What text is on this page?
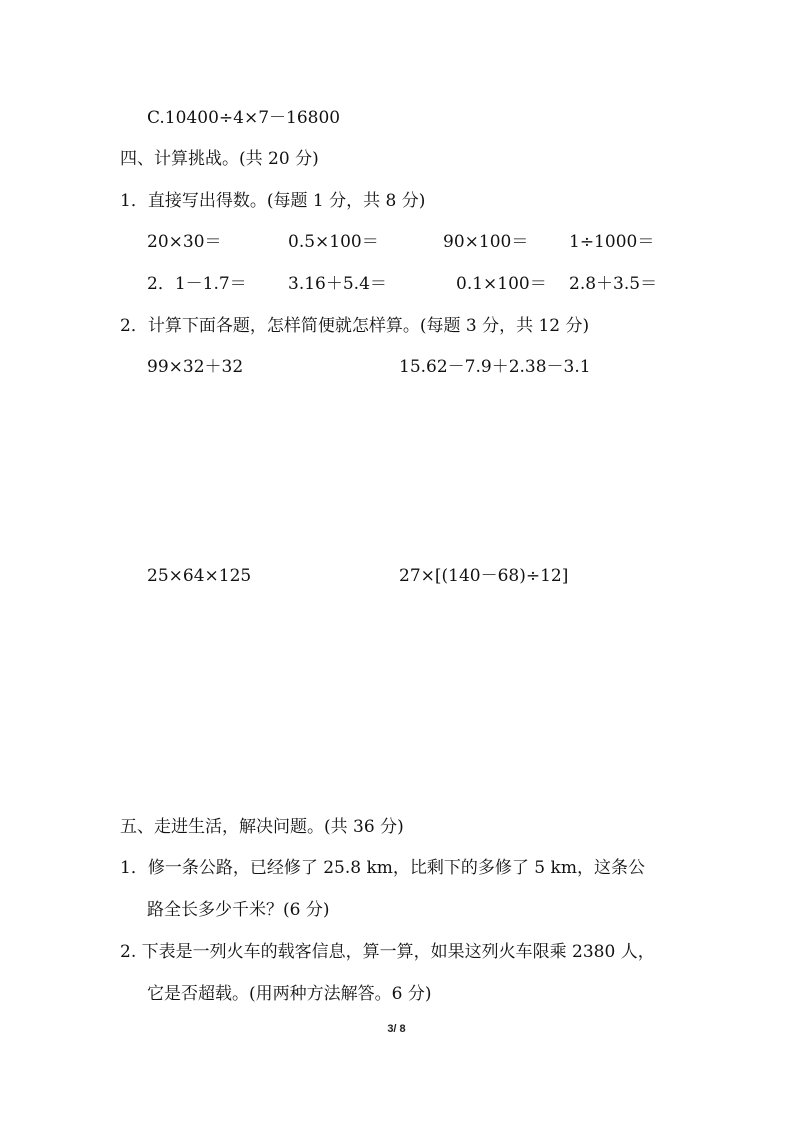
C.10400÷4×7－16800
四、计算挑战。(共 20 分)
1．直接写出得数。(每题 1 分，共 8 分)
20×30＝	0.5×100＝	90×100＝ 1÷1000＝
2．1－1.7＝ 3.16＋5.4＝	0.1×100＝ 2.8＋3.5＝
2．计算下面各题，怎样简便就怎样算。(每题 3 分，共 12 分)
99×32＋32	15.62－7.9＋2.38－3.1
25×64×125	27×[(140－68)÷12]
五、走进生活，解决问题。(共 36 分)
1．修一条公路，已经修了 25.8 km，比剩下的多修了 5 km，这条公
路全长多少千米？(6 分)
2. 下表是一列火车的载客信息，算一算，如果这列火车限乘 2380 人，
它是否超载。(用两种方法解答。6 分)
3/ 8
